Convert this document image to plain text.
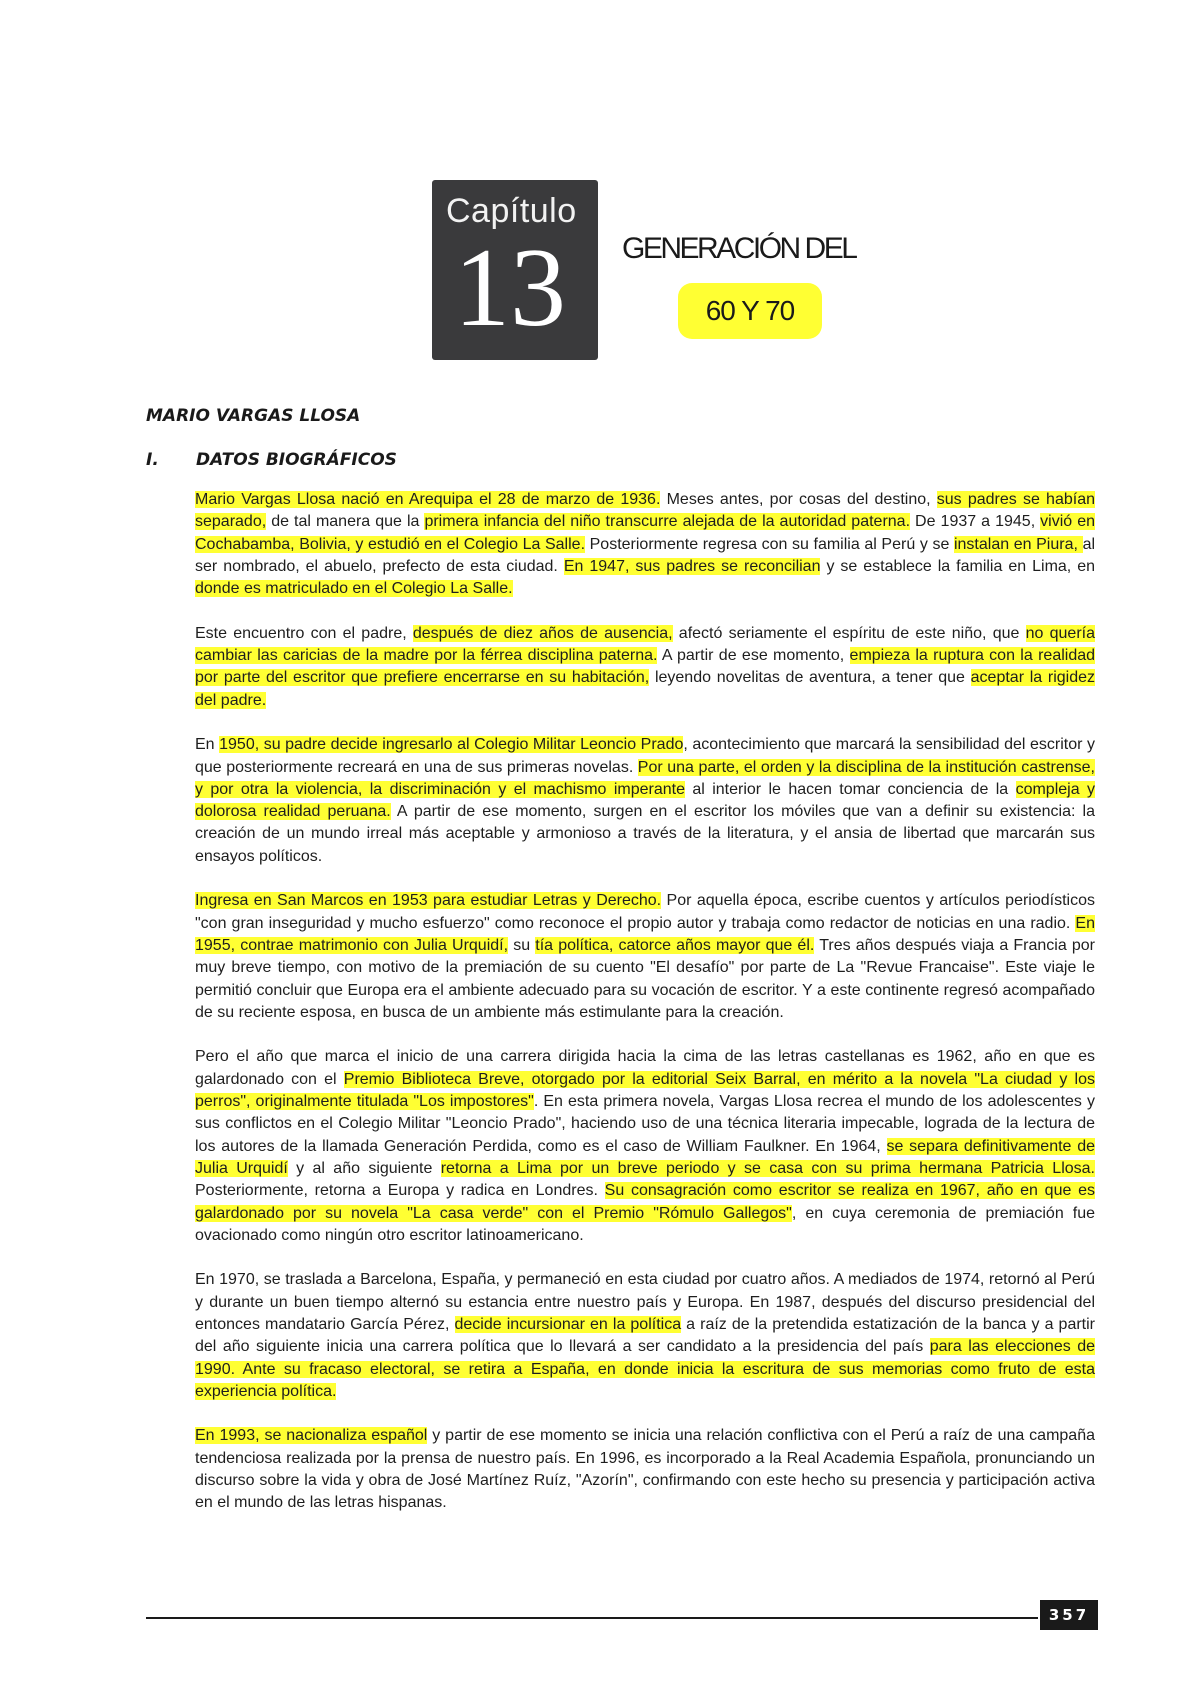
Capítulo
13 GENERACIÓN DEL
60 Y 70
MARIO VARGAS LLOSA
I. DATOS BIOGRÁFICOS

Mario Vargas Llosa nació en Arequipa el 28 de marzo de 1936. Meses antes, por cosas del destino, sus padres se habían separado, de tal manera que la primera infancia del niño transcurre alejada de la autoridad paterna. De 1937 a 1945, vivió en Cochabamba, Bolivia, y estudió en el Colegio La Salle. Posteriormente regresa con su familia al Perú y se instalan en Piura, al ser nombrado, el abuelo, prefecto de esta ciudad. En 1947, sus padres se reconcilian y se establece la familia en Lima, en donde es matriculado en el Colegio La Salle.

Este encuentro con el padre, después de diez años de ausencia, afectó seriamente el espíritu de este niño, que no quería cambiar las caricias de la madre por la férrea disciplina paterna. A partir de ese momento, empieza la ruptura con la realidad por parte del escritor que prefiere encerrarse en su habitación, leyendo novelitas de aventura, a tener que aceptar la rigidez del padre.

En 1950, su padre decide ingresarlo al Colegio Militar Leoncio Prado, acontecimiento que marcará la sensibilidad del escritor y que posteriormente recreará en una de sus primeras novelas. Por una parte, el orden y la disciplina de la institución castrense, y por otra la violencia, la discriminación y el machismo imperante al interior le hacen tomar conciencia de la compleja y dolorosa realidad peruana. A partir de ese momento, surgen en el escritor los móviles que van a definir su existencia: la creación de un mundo irreal más aceptable y armonioso a través de la literatura, y el ansia de libertad que marcarán sus ensayos políticos.

Ingresa en San Marcos en 1953 para estudiar Letras y Derecho. Por aquella época, escribe cuentos y artículos periodísticos "con gran inseguridad y mucho esfuerzo" como reconoce el propio autor y trabaja como redactor de noticias en una radio. En 1955, contrae matrimonio con Julia Urquidí, su tía política, catorce años mayor que él. Tres años después viaja a Francia por muy breve tiempo, con motivo de la premiación de su cuento "El desafío" por parte de La "Revue Francaise". Este viaje le permitió concluir que Europa era el ambiente adecuado para su vocación de escritor. Y a este continente regresó acompañado de su reciente esposa, en busca de un ambiente más estimulante para la creación.

Pero el año que marca el inicio de una carrera dirigida hacia la cima de las letras castellanas es 1962, año en que es galardonado con el Premio Biblioteca Breve, otorgado por la editorial Seix Barral, en mérito a la novela "La ciudad y los perros", originalmente titulada "Los impostores". En esta primera novela, Vargas Llosa recrea el mundo de los adolescentes y sus conflictos en el Colegio Militar "Leoncio Prado", haciendo uso de una técnica literaria impecable, lograda de la lectura de los autores de la llamada Generación Perdida, como es el caso de William Faulkner. En 1964, se separa definitivamente de Julia Urquidí y al año siguiente retorna a Lima por un breve periodo y se casa con su prima hermana Patricia Llosa. Posteriormente, retorna a Europa y radica en Londres. Su consagración como escritor se realiza en 1967, año en que es galardonado por su novela "La casa verde" con el Premio "Rómulo Gallegos", en cuya ceremonia de premiación fue ovacionado como ningún otro escritor latinoamericano.

En 1970, se traslada a Barcelona, España, y permaneció en esta ciudad por cuatro años. A mediados de 1974, retornó al Perú y durante un buen tiempo alternó su estancia entre nuestro país y Europa. En 1987, después del discurso presidencial del entonces mandatario García Pérez, decide incursionar en la política a raíz de la pretendida estatización de la banca y a partir del año siguiente inicia una carrera política que lo llevará a ser candidato a la presidencia del país para las elecciones de 1990. Ante su fracaso electoral, se retira a España, en donde inicia la escritura de sus memorias como fruto de esta experiencia política.

En 1993, se nacionaliza español y partir de ese momento se inicia una relación conflictiva con el Perú a raíz de una campaña tendenciosa realizada por la prensa de nuestro país. En 1996, es incorporado a la Real Academia Española, pronunciando un discurso sobre la vida y obra de José Martínez Ruíz, "Azorín", confirmando con este hecho su presencia y participación activa en el mundo de las letras hispanas.

357
